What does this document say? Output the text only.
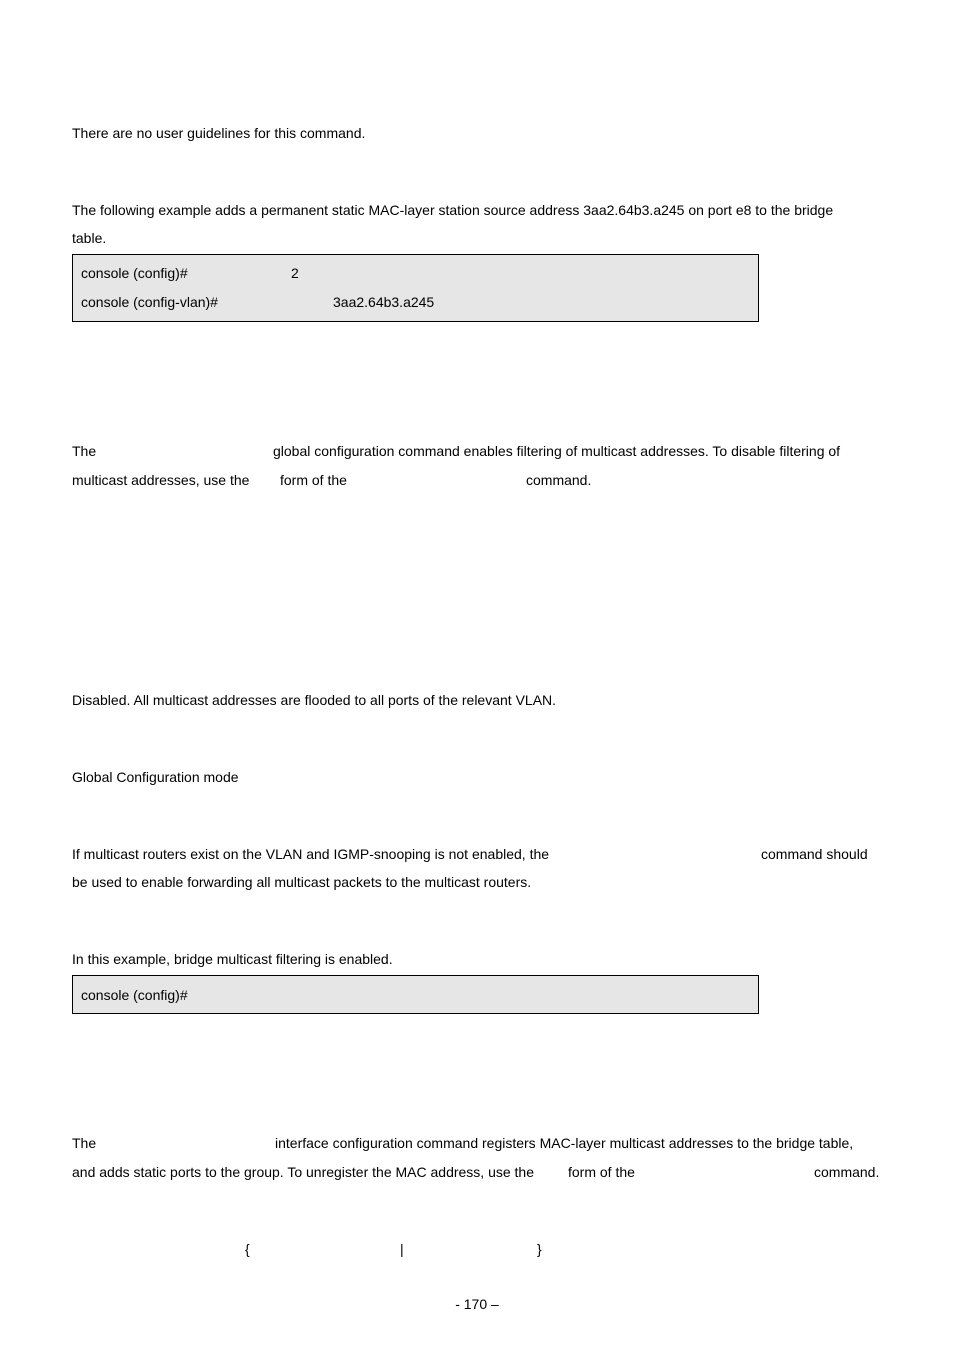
There are no user guidelines for this command.
The following example adds a permanent static MAC-layer station source address 3aa2.64b3.a245 on port e8 to the bridge
table.
console (config)#	2
console (config-vlan)#	3aa2.64b3.a245
The	global configuration command enables filtering of multicast addresses. To disable filtering of
multicast addresses, use the form of the	command.
Disabled. All multicast addresses are flooded to all ports of the relevant VLAN.
Global Configuration mode
If multicast routers exist on the VLAN and IGMP-snooping is not enabled, the	command should
be used to enable forwarding all multicast packets to the multicast routers.
In this example, bridge multicast filtering is enabled.
console (config)#
The	interface configuration command registers MAC-layer multicast addresses to the bridge table,
and adds static ports to the group. To unregister the MAC address, use the form of the	command.
{	|	}
- 170 –
